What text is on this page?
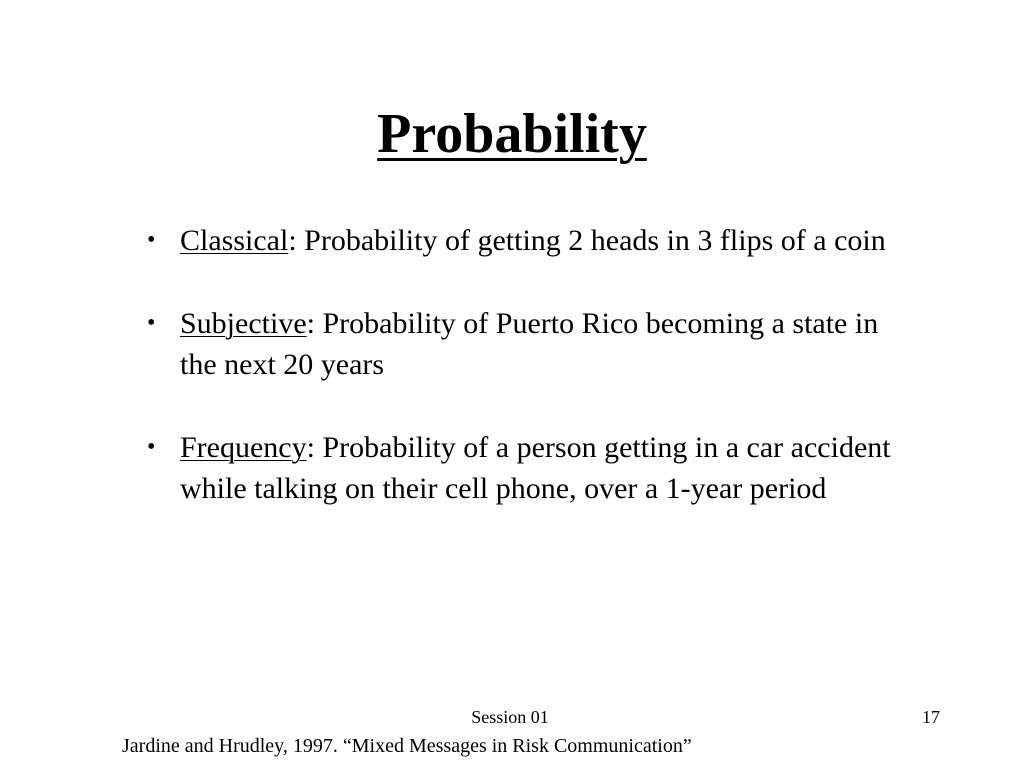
Probability
• Classical: Probability of getting 2 heads in 3 flips of a coin
• Subjective: Probability of Puerto Rico becoming a state in the next 20 years
• Frequency: Probability of a person getting in a car accident while talking on their cell phone, over a 1-year period
Session 01	17
Jardine and Hrudley, 1997. “Mixed Messages in Risk Communication”
